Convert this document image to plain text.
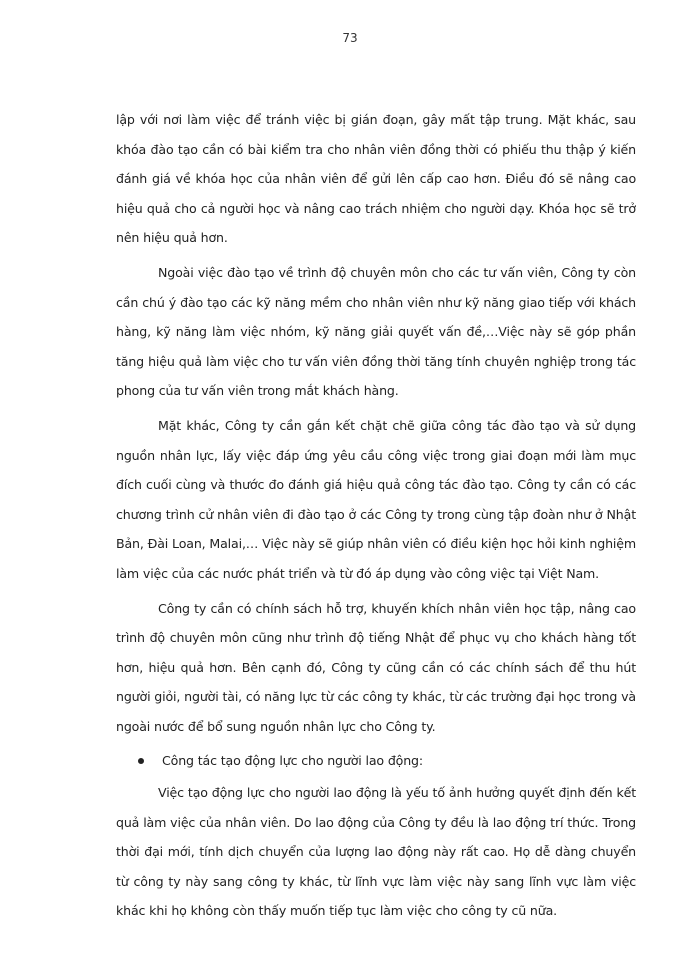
73

lập với nơi làm việc để tránh việc bị gián đoạn, gây mất tập trung. Mặt khác, sau khóa đào tạo cần có bài kiểm tra cho nhân viên đồng thời có phiếu thu thập ý kiến đánh giá về khóa học của nhân viên để gửi lên cấp cao hơn. Điều đó sẽ nâng cao hiệu quả cho cả người học và nâng cao trách nhiệm cho người dạy. Khóa học sẽ trở nên hiệu quả hơn.

Ngoài việc đào tạo về trình độ chuyên môn cho các tư vấn viên, Công ty còn cần chú ý đào tạo các kỹ năng mềm cho nhân viên như kỹ năng giao tiếp với khách hàng, kỹ năng làm việc nhóm, kỹ năng giải quyết vấn đề,…Việc này sẽ góp phần tăng hiệu quả làm việc cho tư vấn viên đồng thời tăng tính chuyên nghiệp trong tác phong của tư vấn viên trong mắt khách hàng.

Mặt khác, Công ty cần gắn kết chặt chẽ giữa công tác đào tạo và sử dụng nguồn nhân lực, lấy việc đáp ứng yêu cầu công việc trong giai đoạn mới làm mục đích cuối cùng và thước đo đánh giá hiệu quả công tác đào tạo. Công ty cần có các chương trình cử nhân viên đi đào tạo ở các Công ty trong cùng tập đoàn như ở Nhật Bản, Đài Loan, Malai,… Việc này sẽ giúp nhân viên có điều kiện học hỏi kinh nghiệm làm việc của các nước phát triển và từ đó áp dụng vào công việc tại Việt Nam.

Công ty cần có chính sách hỗ trợ, khuyến khích nhân viên học tập, nâng cao trình độ chuyên môn cũng như trình độ tiếng Nhật để phục vụ cho khách hàng tốt hơn, hiệu quả hơn. Bên cạnh đó, Công ty cũng cần có các chính sách để thu hút người giỏi, người tài, có năng lực từ các công ty khác, từ các trường đại học trong và ngoài nước để bổ sung nguồn nhân lực cho Công ty.

Công tác tạo động lực cho người lao động:

Việc tạo động lực cho người lao động là yếu tố ảnh hưởng quyết định đến kết quả làm việc của nhân viên. Do lao động của Công ty đều là lao động trí thức. Trong thời đại mới, tính dịch chuyển của lượng lao động này rất cao. Họ dễ dàng chuyển từ công ty này sang công ty khác, từ lĩnh vực làm việc này sang lĩnh vực làm việc khác khi họ không còn thấy muốn tiếp tục làm việc cho công ty cũ nữa.
